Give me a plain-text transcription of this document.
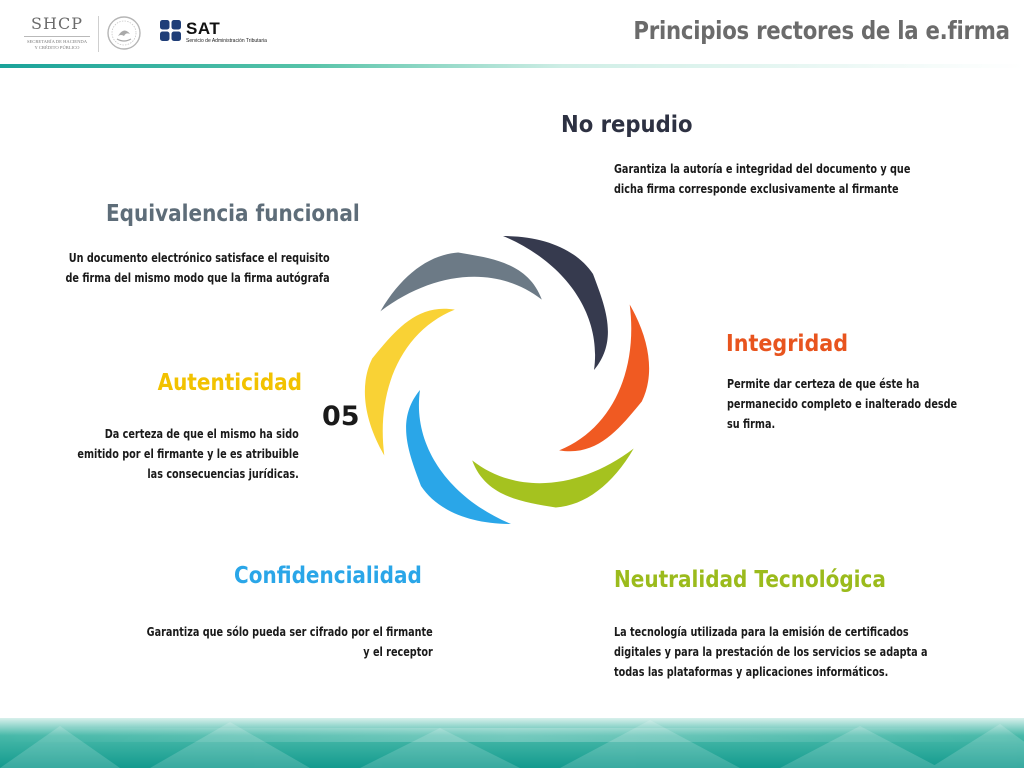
SHCP
SECRETARÍA DE HACIENDA
Y CRÉDITO PÚBLICO
SAT
Servicio de Administración Tributaria	Principios rectores de la e.firma
01
02
03
04
05
06
No repudio
Integridad
Neutralidad Tecnológica
Confidencialidad
Autenticidad
Equivalencia funcional
Garantiza la autoría e integridad del documento y que
dicha firma corresponde exclusivamente al firmante
Permite dar certeza de que éste ha
permanecido completo e inalterado desde
su firma.
La tecnología utilizada para la emisión de certificados
digitales y para la prestación de los servicios se adapta a
todas las plataformas y aplicaciones informáticos.
Garantiza que sólo pueda ser cifrado por el firmante
y el receptor
Da certeza de que el mismo ha sido
emitido por el firmante y le es atribuible
las consecuencias jurídicas.
Un documento electrónico satisface el requisito
de firma del mismo modo que la firma autógrafa
